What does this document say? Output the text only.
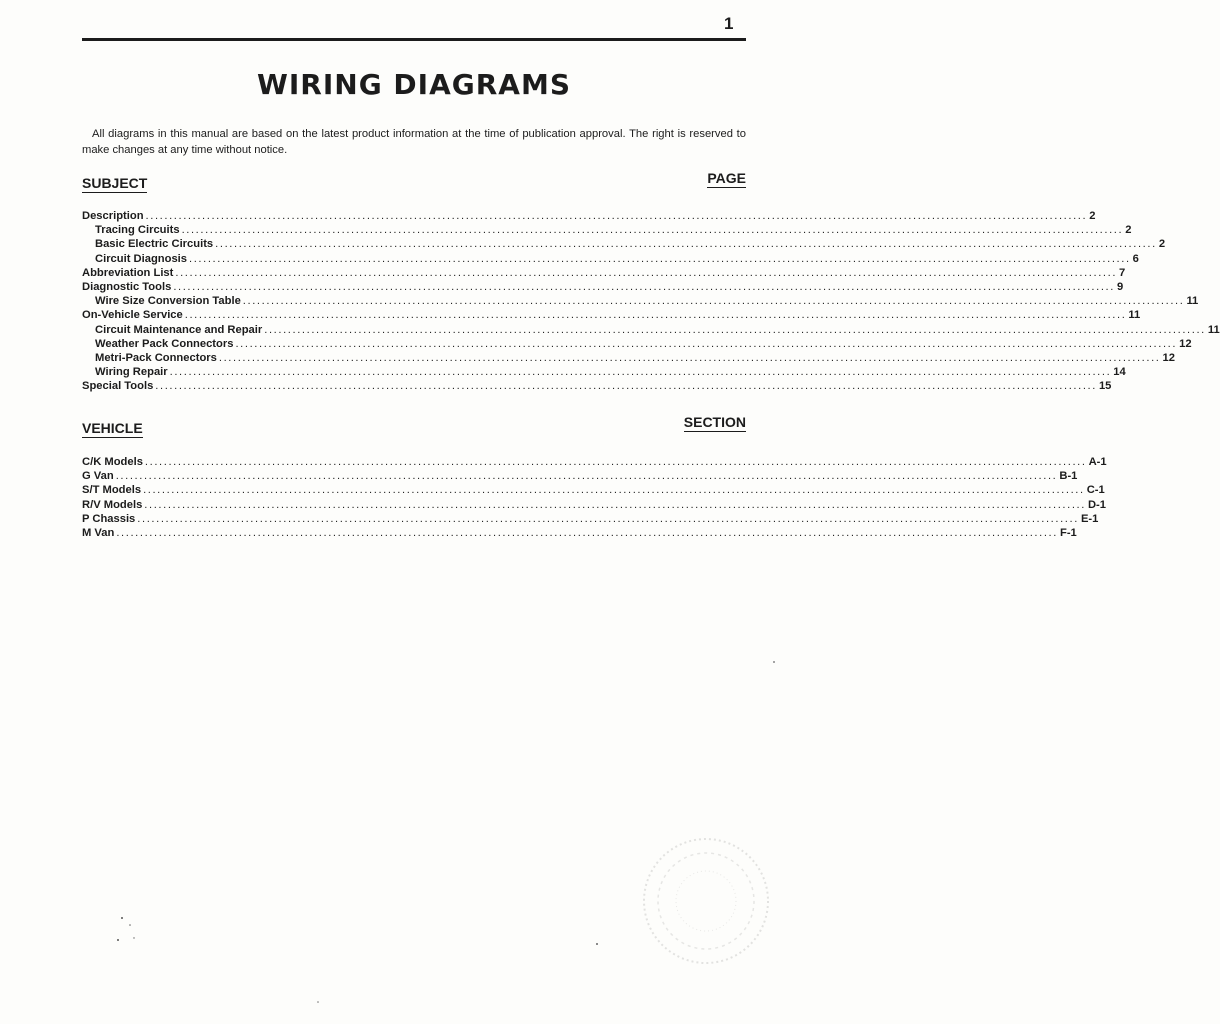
1
WIRING DIAGRAMS
All diagrams in this manual are based on the latest product information at the time of publication approval. The right is reserved to make changes at any time without notice.
SUBJECT	PAGE
Description ........................................................................................................................................................................................................ 2
Tracing Circuits ........................................................................................................................................................................................................ 2
Basic Electric Circuits ........................................................................................................................................................................................................ 2
Circuit Diagnosis ........................................................................................................................................................................................................ 6
Abbreviation List ........................................................................................................................................................................................................ 7
Diagnostic Tools ........................................................................................................................................................................................................ 9
Wire Size Conversion Table ........................................................................................................................................................................................................ 11
On-Vehicle Service ........................................................................................................................................................................................................ 11
Circuit Maintenance and Repair ........................................................................................................................................................................................................ 11
Weather Pack Connectors ........................................................................................................................................................................................................ 12
Metri-Pack Connectors ........................................................................................................................................................................................................ 12
Wiring Repair ........................................................................................................................................................................................................ 14
Special Tools ........................................................................................................................................................................................................ 15
VEHICLE	SECTION
C/K Models ........................................................................................................................................................................................................ A-1
G Van ........................................................................................................................................................................................................ B-1
S/T Models ........................................................................................................................................................................................................ C-1
R/V Models ........................................................................................................................................................................................................ D-1
P Chassis ........................................................................................................................................................................................................ E-1
M Van ........................................................................................................................................................................................................ F-1
